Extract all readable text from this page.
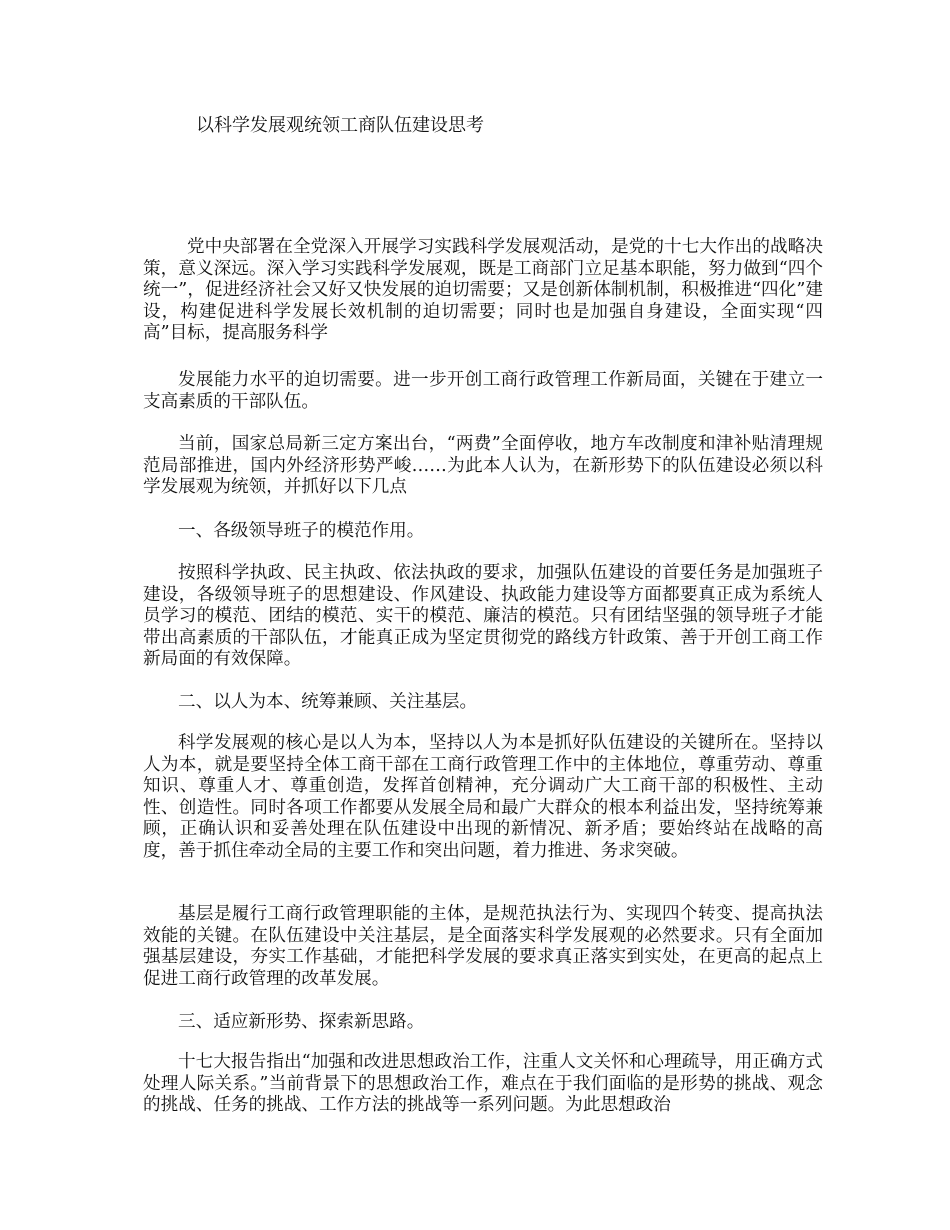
以科学发展观统领工商队伍建设思考

党中央部署在全党深入开展学习实践科学发展观活动，是党的十七大作出的战略决策，意义深远。深入学习实践科学发展观，既是工商部门立足基本职能，努力做到“四个统一”，促进经济社会又好又快发展的迫切需要；又是创新体制机制，积极推进“四化”建设，构建促进科学发展长效机制的迫切需要；同时也是加强自身建设，全面实现“四高”目标，提高服务科学

发展能力水平的迫切需要。进一步开创工商行政管理工作新局面，关键在于建立一支高素质的干部队伍。

当前，国家总局新三定方案出台，“两费”全面停收，地方车改制度和津补贴清理规范局部推进，国内外经济形势严峻……为此本人认为，在新形势下的队伍建设必须以科学发展观为统领，并抓好以下几点

一、各级领导班子的模范作用。

按照科学执政、民主执政、依法执政的要求，加强队伍建设的首要任务是加强班子建设，各级领导班子的思想建设、作风建设、执政能力建设等方面都要真正成为系统人员学习的模范、团结的模范、实干的模范、廉洁的模范。只有团结坚强的领导班子才能带出高素质的干部队伍，才能真正成为坚定贯彻党的路线方针政策、善于开创工商工作新局面的有效保障。

二、以人为本、统筹兼顾、关注基层。

科学发展观的核心是以人为本，坚持以人为本是抓好队伍建设的关键所在。坚持以人为本，就是要坚持全体工商干部在工商行政管理工作中的主体地位，尊重劳动、尊重知识、尊重人才、尊重创造，发挥首创精神，充分调动广大工商干部的积极性、主动性、创造性。同时各项工作都要从发展全局和最广大群众的根本利益出发，坚持统筹兼顾，正确认识和妥善处理在队伍建设中出现的新情况、新矛盾；要始终站在战略的高度，善于抓住牵动全局的主要工作和突出问题，着力推进、务求突破。

基层是履行工商行政管理职能的主体，是规范执法行为、实现四个转变、提高执法效能的关键。在队伍建设中关注基层，是全面落实科学发展观的必然要求。只有全面加强基层建设，夯实工作基础，才能把科学发展的要求真正落实到实处，在更高的起点上促进工商行政管理的改革发展。

三、适应新形势、探索新思路。

十七大报告指出“加强和改进思想政治工作，注重人文关怀和心理疏导，用正确方式处理人际关系。”当前背景下的思想政治工作，难点在于我们面临的是形势的挑战、观念的挑战、任务的挑战、工作方法的挑战等一系列问题。为此思想政治
